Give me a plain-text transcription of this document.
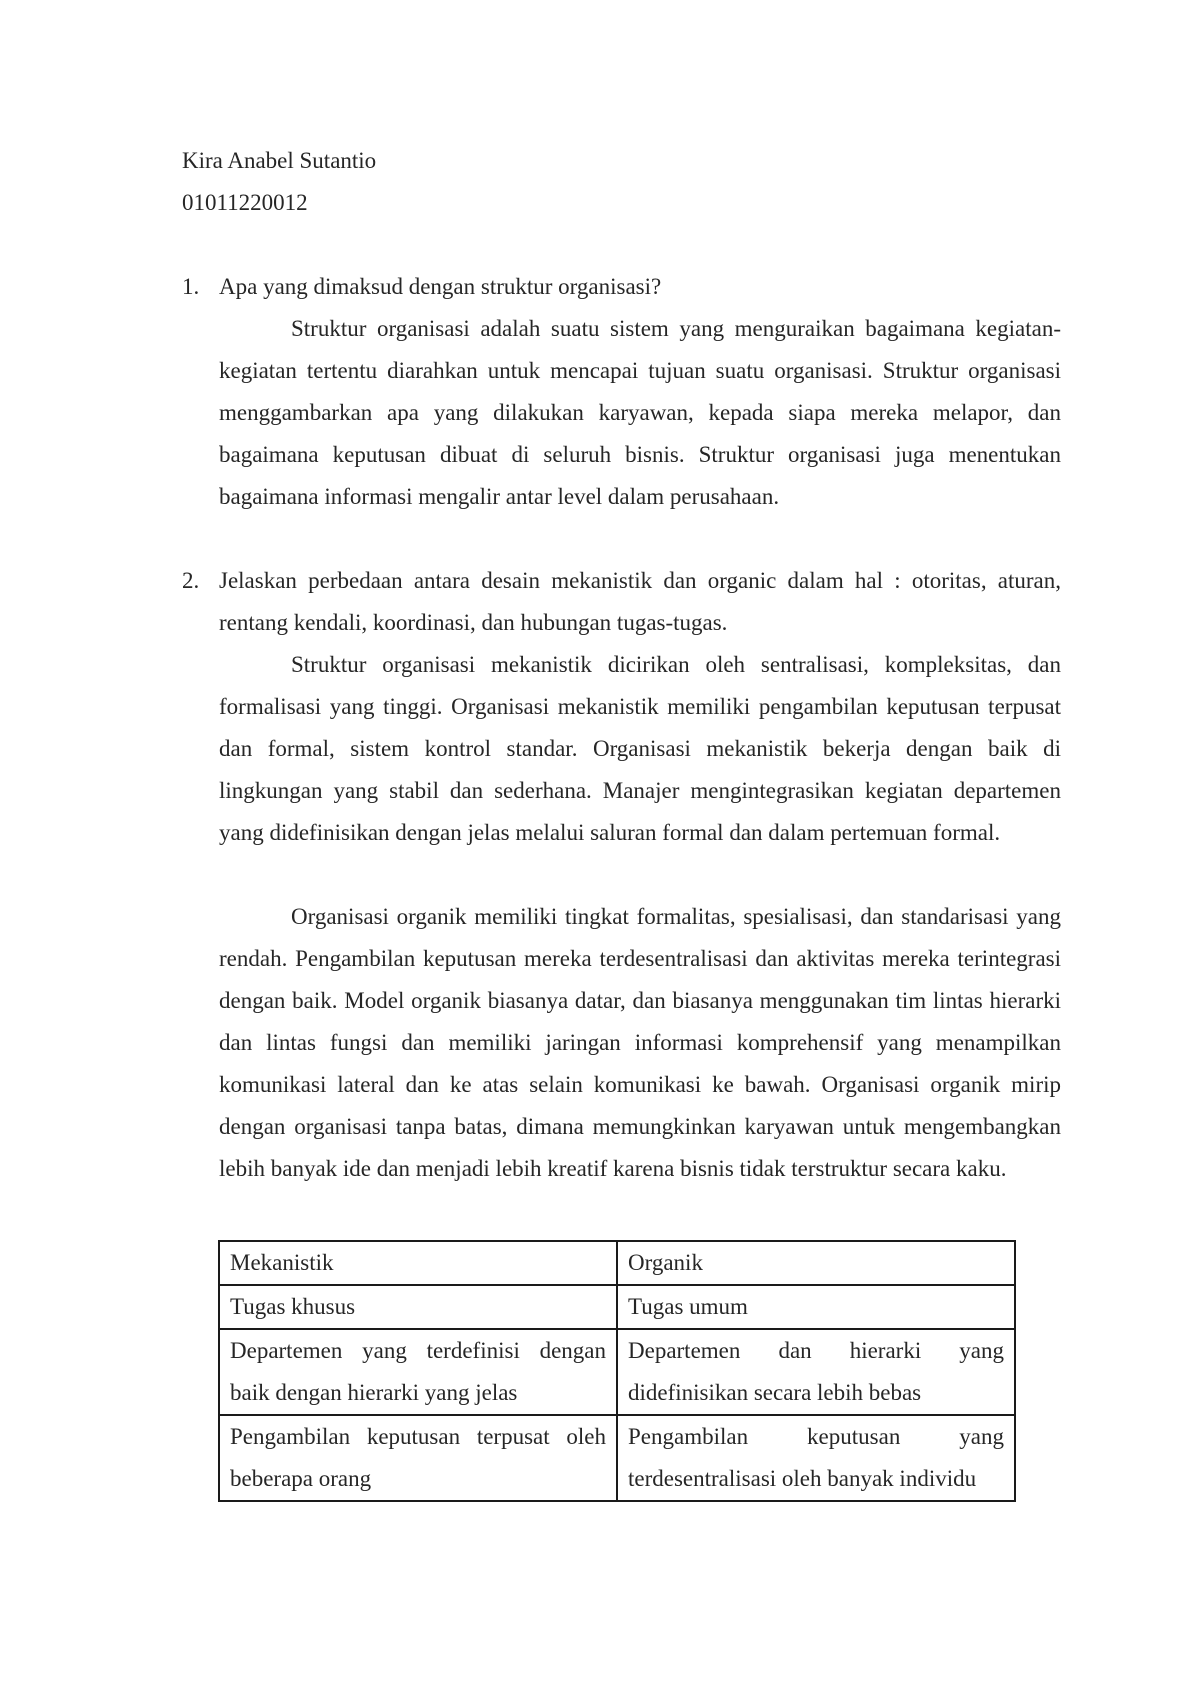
Kira Anabel Sutantio
01011220012
1. Apa yang dimaksud dengan struktur organisasi?

Struktur organisasi adalah suatu sistem yang menguraikan bagaimana kegiatan-kegiatan tertentu diarahkan untuk mencapai tujuan suatu organisasi. Struktur organisasi menggambarkan apa yang dilakukan karyawan, kepada siapa mereka melapor, dan bagaimana keputusan dibuat di seluruh bisnis. Struktur organisasi juga menentukan bagaimana informasi mengalir antar level dalam perusahaan.

2. Jelaskan perbedaan antara desain mekanistik dan organic dalam hal : otoritas, aturan, rentang kendali, koordinasi, dan hubungan tugas-tugas.

Struktur organisasi mekanistik dicirikan oleh sentralisasi, kompleksitas, dan formalisasi yang tinggi. Organisasi mekanistik memiliki pengambilan keputusan terpusat dan formal, sistem kontrol standar. Organisasi mekanistik bekerja dengan baik di lingkungan yang stabil dan sederhana. Manajer mengintegrasikan kegiatan departemen yang didefinisikan dengan jelas melalui saluran formal dan dalam pertemuan formal.

Organisasi organik memiliki tingkat formalitas, spesialisasi, dan standarisasi yang rendah. Pengambilan keputusan mereka terdesentralisasi dan aktivitas mereka terintegrasi dengan baik. Model organik biasanya datar, dan biasanya menggunakan tim lintas hierarki dan lintas fungsi dan memiliki jaringan informasi komprehensif yang menampilkan komunikasi lateral dan ke atas selain komunikasi ke bawah. Organisasi organik mirip dengan organisasi tanpa batas, dimana memungkinkan karyawan untuk mengembangkan lebih banyak ide dan menjadi lebih kreatif karena bisnis tidak terstruktur secara kaku.

Mekanistik	Organik
Tugas khusus	Tugas umum
Departemen yang terdefinisi dengan baik dengan hierarki yang jelas	Departemen dan hierarki yang didefinisikan secara lebih bebas
Pengambilan keputusan terpusat oleh beberapa orang	Pengambilan keputusan yang terdesentralisasi oleh banyak individu
